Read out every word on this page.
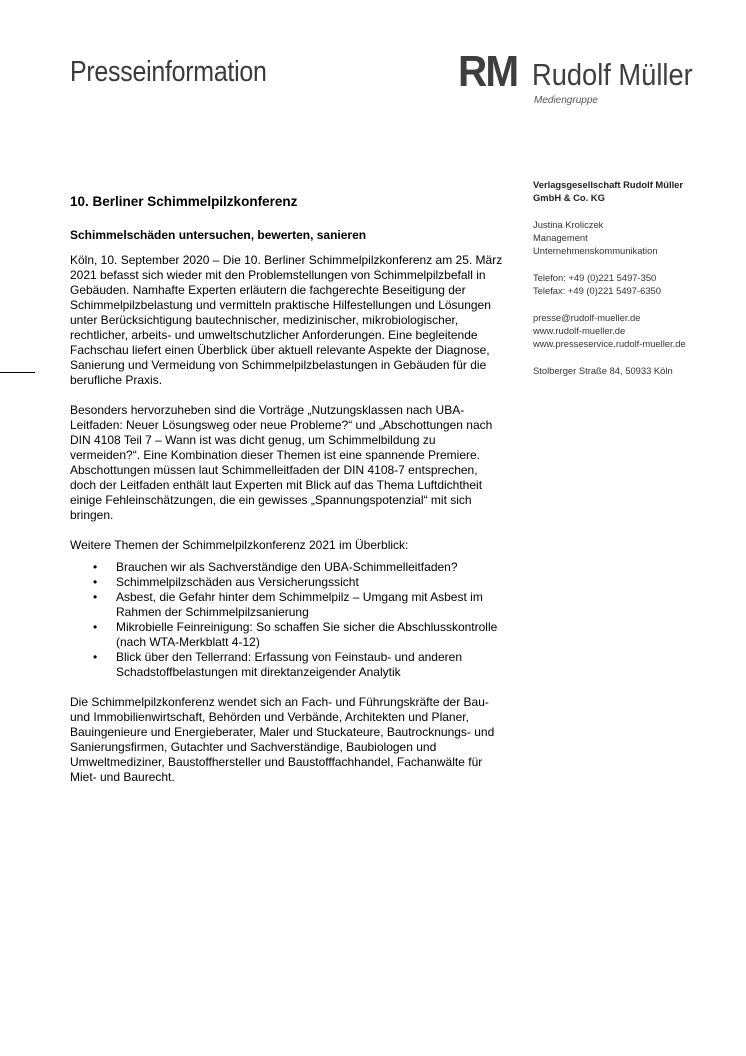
Presseinformation	RM Rudolf Müller
Mediengruppe
Verlagsgesellschaft Rudolf Müller
GmbH & Co. KG
Justina Kroliczek
Management
Unternehmenskommunikation
Telefon: +49 (0)221 5497-350
Telefax: +49 (0)221 5497-6350
presse@rudolf-mueller.de
www.rudolf-mueller.de
www.presseservice.rudolf-mueller.de
Stolberger Straße 84, 50933 Köln
10. Berliner Schimmelpilzkonferenz
Schimmelschäden untersuchen, bewerten, sanieren

Köln, 10. September 2020 – Die 10. Berliner Schimmelpilzkonferenz am 25. März 2021 befasst sich wieder mit den Problemstellungen von Schimmelpilzbefall in Gebäuden. Namhafte Experten erläutern die fachgerechte Beseitigung der Schimmelpilzbelastung und vermitteln praktische Hilfestellungen und Lösungen unter Berücksichtigung bautechnischer, medizinischer, mikrobiologischer, rechtlicher, arbeits- und umweltschutzlicher Anforderungen. Eine begleitende Fachschau liefert einen Überblick über aktuell relevante Aspekte der Diagnose, Sanierung und Vermeidung von Schimmelpilzbelastungen in Gebäuden für die berufliche Praxis.

Besonders hervorzuheben sind die Vorträge „Nutzungsklassen nach UBA-Leitfaden: Neuer Lösungsweg oder neue Probleme?“ und „Abschottungen nach DIN 4108 Teil 7 – Wann ist was dicht genug, um Schimmelbildung zu vermeiden?“. Eine Kombination dieser Themen ist eine spannende Premiere. Abschottungen müssen laut Schimmelleitfaden der DIN 4108-7 entsprechen, doch der Leitfaden enthält laut Experten mit Blick auf das Thema Luftdichtheit einige Fehleinschätzungen, die ein gewisses „Spannungspotenzial“ mit sich bringen.

Weitere Themen der Schimmelpilzkonferenz 2021 im Überblick:

• Brauchen wir als Sachverständige den UBA-Schimmelleitfaden?
• Schimmelpilzschäden aus Versicherungssicht
• Asbest, die Gefahr hinter dem Schimmelpilz – Umgang mit Asbest im Rahmen der Schimmelpilzsanierung
• Mikrobielle Feinreinigung: So schaffen Sie sicher die Abschlusskontrolle (nach WTA-Merkblatt 4-12)
• Blick über den Tellerrand: Erfassung von Feinstaub- und anderen Schadstoffbelastungen mit direktanzeigender Analytik

Die Schimmelpilzkonferenz wendet sich an Fach- und Führungskräfte der Bau- und Immobilienwirtschaft, Behörden und Verbände, Architekten und Planer, Bauingenieure und Energieberater, Maler und Stuckateure, Bautrocknungs- und Sanierungsfirmen, Gutachter und Sachverständige, Baubiologen und Umweltmediziner, Baustoffhersteller und Baustofffachhandel, Fachanwälte für Miet- und Baurecht.
